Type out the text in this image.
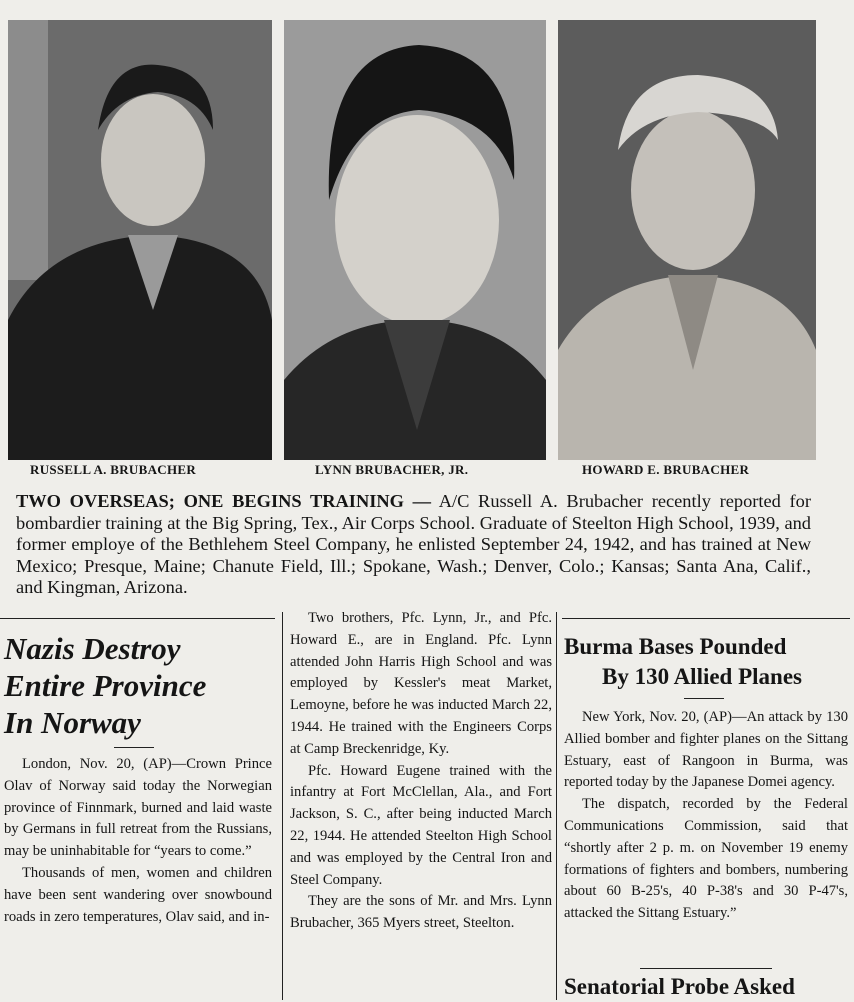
RUSSELL A. BRUBACHER	LYNN BRUBACHER, JR.	HOWARD E. BRUBACHER
TWO OVERSEAS; ONE BEGINS TRAINING — A/C Russell A. Brubacher recently reported for bombardier training at the Big Spring, Tex., Air Corps School. Graduate of Steelton High School, 1939, and former employe of the Bethlehem Steel Company, he enlisted September 24, 1942, and has trained at New Mexico; Presque, Maine; Chanute Field, Ill.; Spokane, Wash.; Denver, Colo.; Kansas; Santa Ana, Calif., and Kingman, Arizona.
Nazis Destroy
Entire Province
In Norway

London, Nov. 20, (AP)—Crown Prince Olav of Norway said today the Norwegian province of Finnmark, burned and laid waste by Germans in full retreat from the Russians, may be uninhabitable for “years to come.”

Thousands of men, women and children have been sent wandering over snowbound roads in zero temperatures, Olav said, and in-

Two brothers, Pfc. Lynn, Jr., and Pfc. Howard E., are in England. Pfc. Lynn attended John Harris High School and was employed by Kessler's meat Market, Lemoyne, before he was inducted March 22, 1944. He trained with the Engineers Corps at Camp Breckenridge, Ky.

Pfc. Howard Eugene trained with the infantry at Fort McClellan, Ala., and Fort Jackson, S. C., after being inducted March 22, 1944. He attended Steelton High School and was employed by the Central Iron and Steel Company.

They are the sons of Mr. and Mrs. Lynn Brubacher, 365 Myers street, Steelton.

Burma Bases Pounded
By 130 Allied Planes

New York, Nov. 20, (AP)—An attack by 130 Allied bomber and fighter planes on the Sittang Estuary, east of Rangoon in Burma, was reported today by the Japanese Domei agency.

The dispatch, recorded by the Federal Communications Commission, said that “shortly after 2 p. m. on November 19 enemy formations of fighters and bombers, numbering about 60 B-25's, 40 P-38's and 30 P-47's, attacked the Sittang Estuary.”

Senatorial Probe Asked
